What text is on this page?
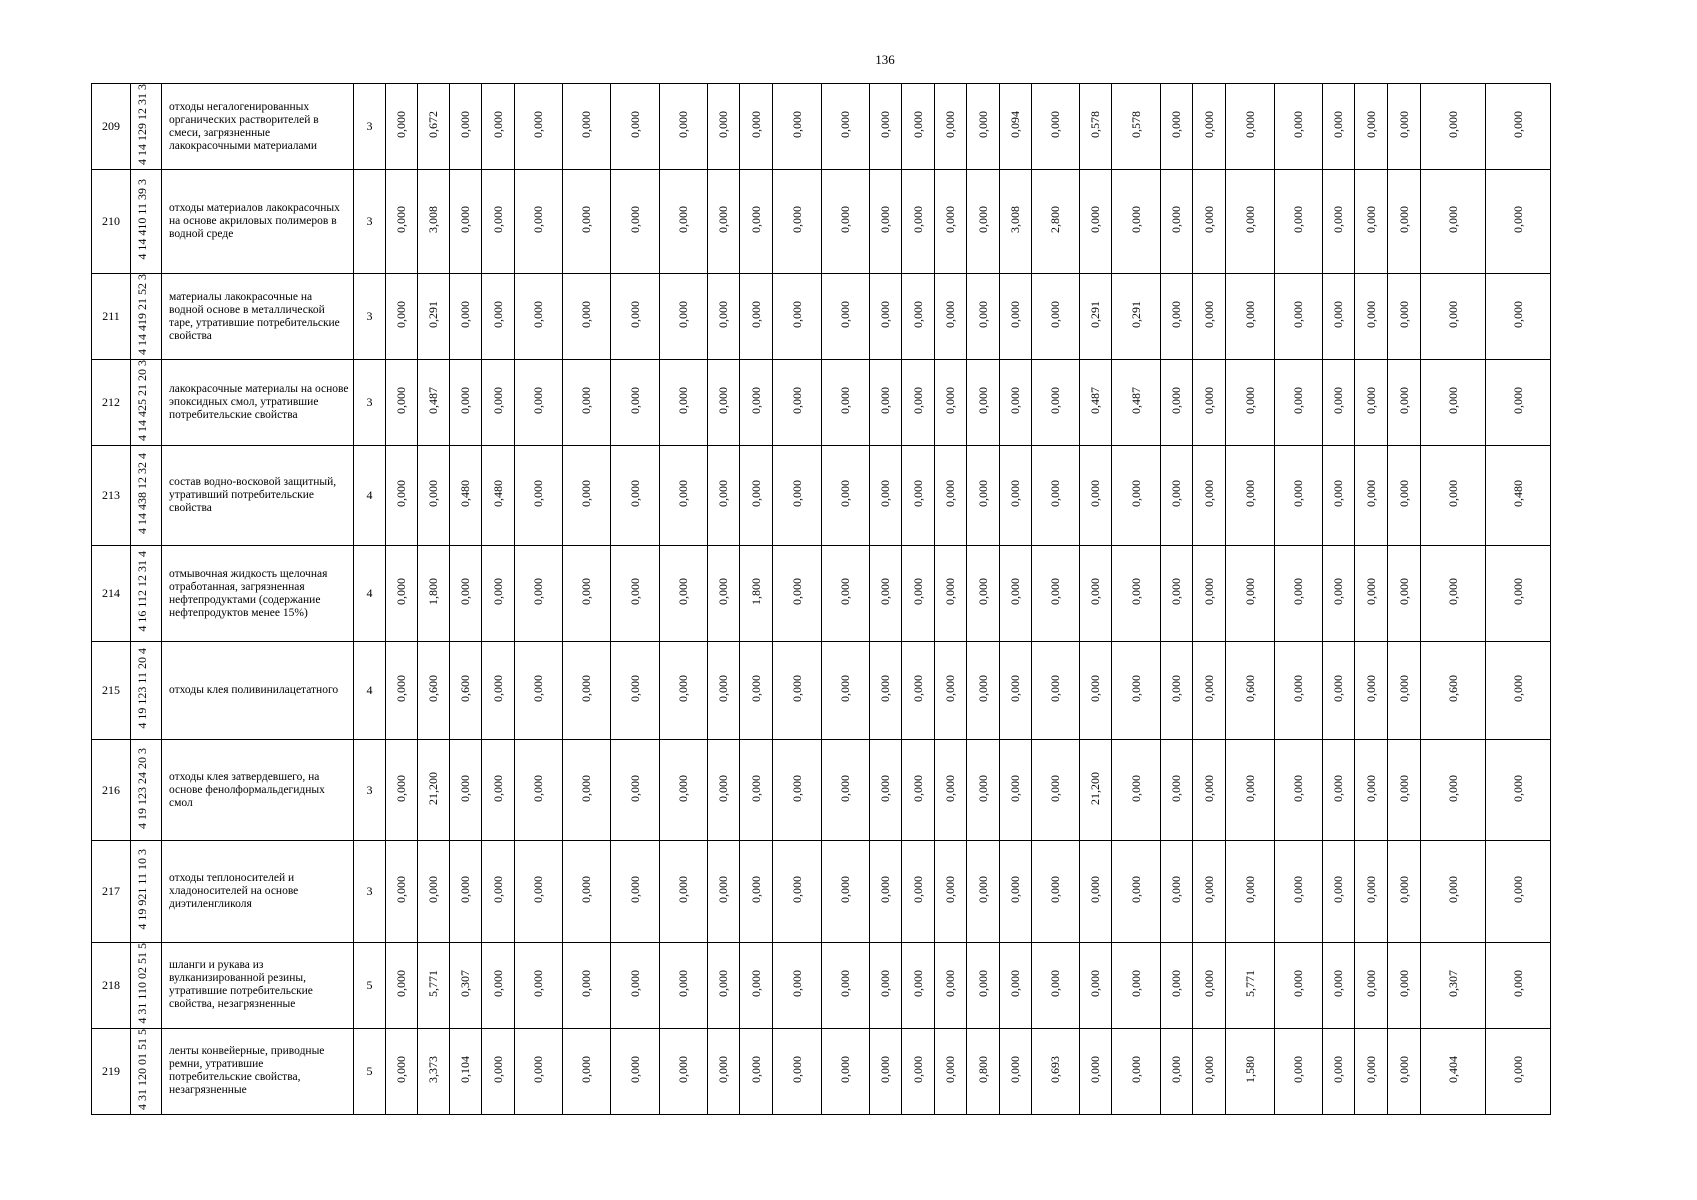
136
209	4 14 129 12 31 3	отходы негалогенированных органических растворителей в смеси, загрязненные лакокрасочными материалами	3	0,000	0,672	0,000	0,000	0,000	0,000	0,000	0,000	0,000	0,000	0,000	0,000	0,000	0,000	0,000	0,000	0,094	0,000	0,578	0,578	0,000	0,000	0,000	0,000	0,000	0,000	0,000	0,000	0,000
210	4 14 410 11 39 3	отходы материалов лакокрасочных на основе акриловых полимеров в водной среде	3	0,000	3,008	0,000	0,000	0,000	0,000	0,000	0,000	0,000	0,000	0,000	0,000	0,000	0,000	0,000	0,000	3,008	2,800	0,000	0,000	0,000	0,000	0,000	0,000	0,000	0,000	0,000	0,000	0,000
211	4 14 419 21 52 3	материалы лакокрасочные на водной основе в металлической таре, утратившие потребительские свойства	3	0,000	0,291	0,000	0,000	0,000	0,000	0,000	0,000	0,000	0,000	0,000	0,000	0,000	0,000	0,000	0,000	0,000	0,000	0,291	0,291	0,000	0,000	0,000	0,000	0,000	0,000	0,000	0,000	0,000
212	4 14 425 21 20 3	лакокрасочные материалы на основе эпоксидных смол, утратившие потребительские свойства	3	0,000	0,487	0,000	0,000	0,000	0,000	0,000	0,000	0,000	0,000	0,000	0,000	0,000	0,000	0,000	0,000	0,000	0,000	0,487	0,487	0,000	0,000	0,000	0,000	0,000	0,000	0,000	0,000	0,000
213	4 14 438 12 32 4	состав водно-восковой защитный, утративший потребительские свойства	4	0,000	0,000	0,480	0,480	0,000	0,000	0,000	0,000	0,000	0,000	0,000	0,000	0,000	0,000	0,000	0,000	0,000	0,000	0,000	0,000	0,000	0,000	0,000	0,000	0,000	0,000	0,000	0,000	0,480
214	4 16 112 12 31 4	отмывочная жидкость щелочная отработанная, загрязненная нефтепродуктами (содержание нефтепродуктов менее 15%)	4	0,000	1,800	0,000	0,000	0,000	0,000	0,000	0,000	0,000	1,800	0,000	0,000	0,000	0,000	0,000	0,000	0,000	0,000	0,000	0,000	0,000	0,000	0,000	0,000	0,000	0,000	0,000	0,000	0,000
215	4 19 123 11 20 4	отходы клея поливинилацетатного	4	0,000	0,600	0,600	0,000	0,000	0,000	0,000	0,000	0,000	0,000	0,000	0,000	0,000	0,000	0,000	0,000	0,000	0,000	0,000	0,000	0,000	0,000	0,600	0,000	0,000	0,000	0,000	0,600	0,000
216	4 19 123 24 20 3	отходы клея затвердевшего, на основе фенолформальдегидных смол	3	0,000	21,200	0,000	0,000	0,000	0,000	0,000	0,000	0,000	0,000	0,000	0,000	0,000	0,000	0,000	0,000	0,000	0,000	21,200	0,000	0,000	0,000	0,000	0,000	0,000	0,000	0,000	0,000	0,000
217	4 19 921 11 10 3	отходы теплоносителей и хладоносителей на основе диэтиленгликоля	3	0,000	0,000	0,000	0,000	0,000	0,000	0,000	0,000	0,000	0,000	0,000	0,000	0,000	0,000	0,000	0,000	0,000	0,000	0,000	0,000	0,000	0,000	0,000	0,000	0,000	0,000	0,000	0,000	0,000
218	4 31 110 02 51 5	шланги и рукава из вулканизированной резины, утратившие потребительские свойства, незагрязненные	5	0,000	5,771	0,307	0,000	0,000	0,000	0,000	0,000	0,000	0,000	0,000	0,000	0,000	0,000	0,000	0,000	0,000	0,000	0,000	0,000	0,000	0,000	5,771	0,000	0,000	0,000	0,000	0,307	0,000
219	4 31 120 01 51 5	ленты конвейерные, приводные ремни, утратившие потребительские свойства, незагрязненные	5	0,000	3,373	0,104	0,000	0,000	0,000	0,000	0,000	0,000	0,000	0,000	0,000	0,000	0,000	0,000	0,800	0,000	0,693	0,000	0,000	0,000	0,000	1,580	0,000	0,000	0,000	0,000	0,404	0,000
